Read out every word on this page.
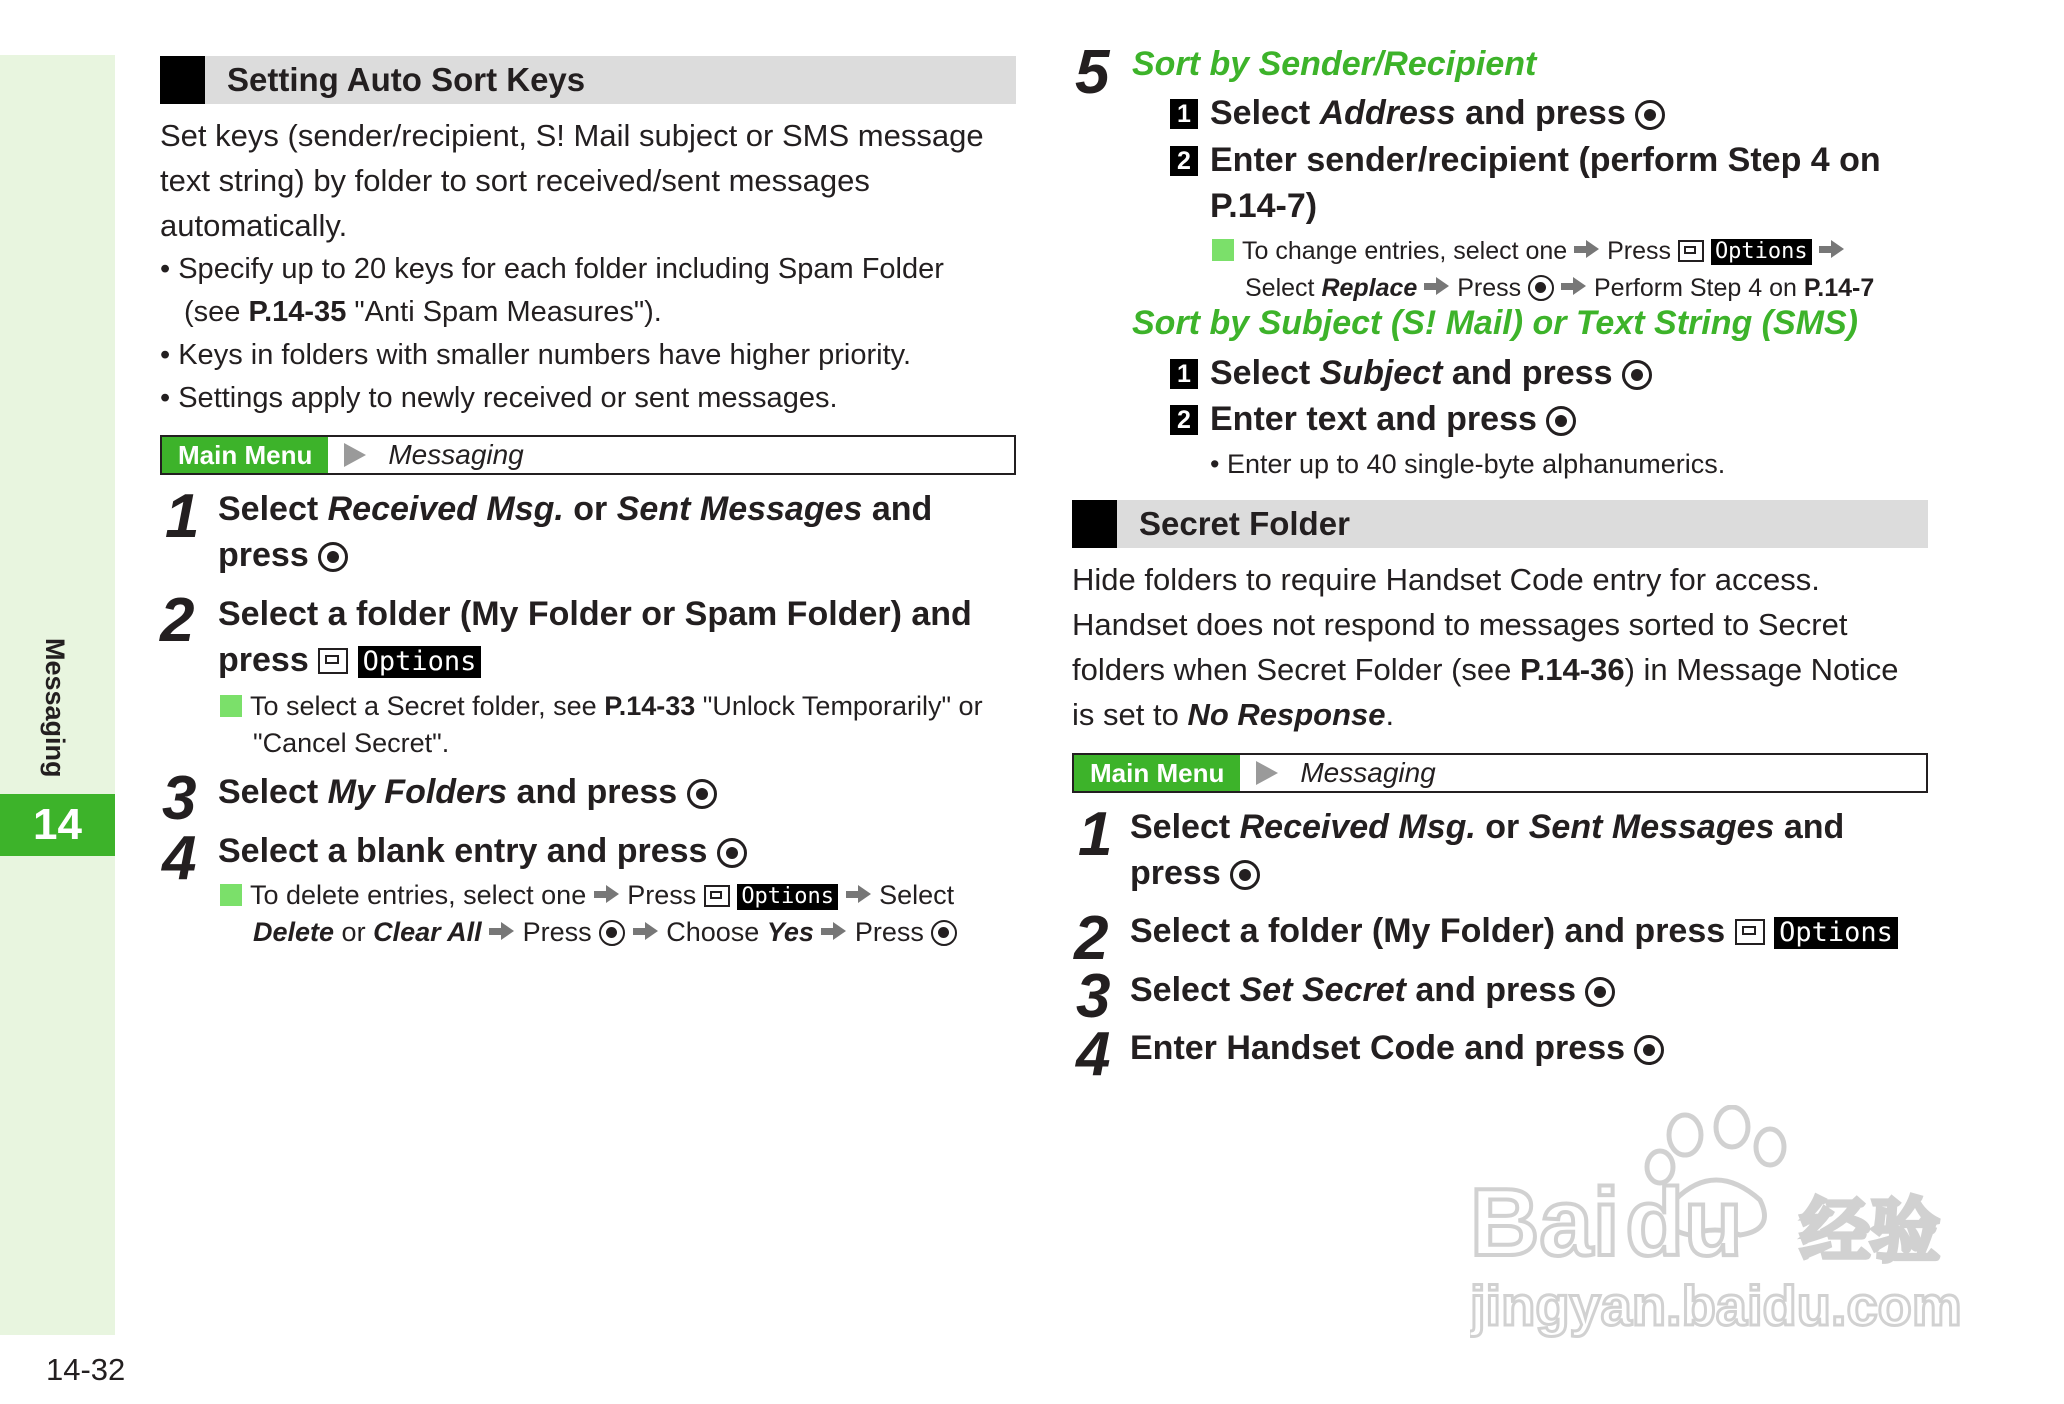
Messaging
14
14-32
Setting Auto Sort Keys
Set keys (sender/recipient, S! Mail subject or SMS message
text string) by folder to sort received/sent messages
automatically.
• Specify up to 20 keys for each folder including Spam Folder
(see P.14-35 "Anti Spam Measures").
• Keys in folders with smaller numbers have higher priority.
• Settings apply to newly received or sent messages.
Main Menu	Messaging
1 Select Received Msg. or Sent Messages and
press
2 Select a folder (My Folder or Spam Folder) and
press Options
To select a Secret folder, see P.14-33 "Unlock Temporarily" or
"Cancel Secret".
3 Select My Folders and press
4 Select a blank entry and press
To delete entries, select one Press Options Select
Delete or Clear All Press	Choose Yes Press
5 Sort by Sender/Recipient
1 Select Address and press
2 Enter sender/recipient (perform Step 4 on
P.14-7)
To change entries, select one Press Options
Select Replace Press	Perform Step 4 on P.14-7
Sort by Subject (S! Mail) or Text String (SMS)
1 Select Subject and press
2 Enter text and press
• Enter up to 40 single-byte alphanumerics.
Secret Folder
Hide folders to require Handset Code entry for access.
Handset does not respond to messages sorted to Secret
folders when Secret Folder (see P.14-36) in Message Notice
is set to No Response.
Main Menu	Messaging
1 Select Received Msg. or Sent Messages and
press
2 Select a folder (My Folder) and press Options
3 Select Set Secret and press
4 Enter Handset Code and press
Baidu 经验
jingyan.baidu.com
